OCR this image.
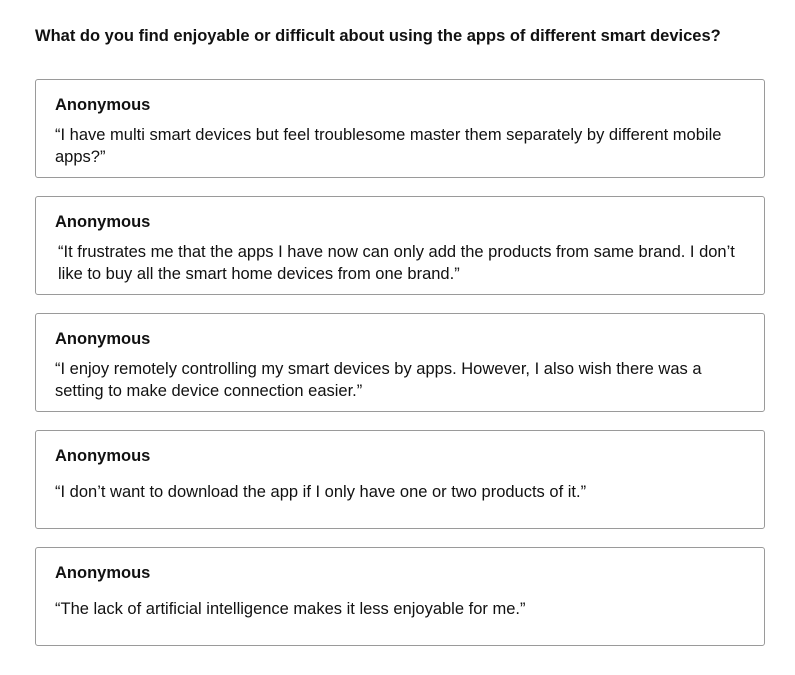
What do you find enjoyable or difficult about using the apps of different smart devices?
Anonymous
“I have multi smart devices but feel troublesome master them separately by different mobile apps?”
Anonymous
“It frustrates me that the apps I have now can only add the products from same brand. I don’t like to buy all the smart home devices from one brand.”
Anonymous
“I enjoy remotely controlling my smart devices by apps. However, I also wish there was a setting to make device connection easier.”
Anonymous
“I don’t want to download the app if I only have one or two products of it.”
Anonymous
“The lack of artificial intelligence makes it less enjoyable for me.”
